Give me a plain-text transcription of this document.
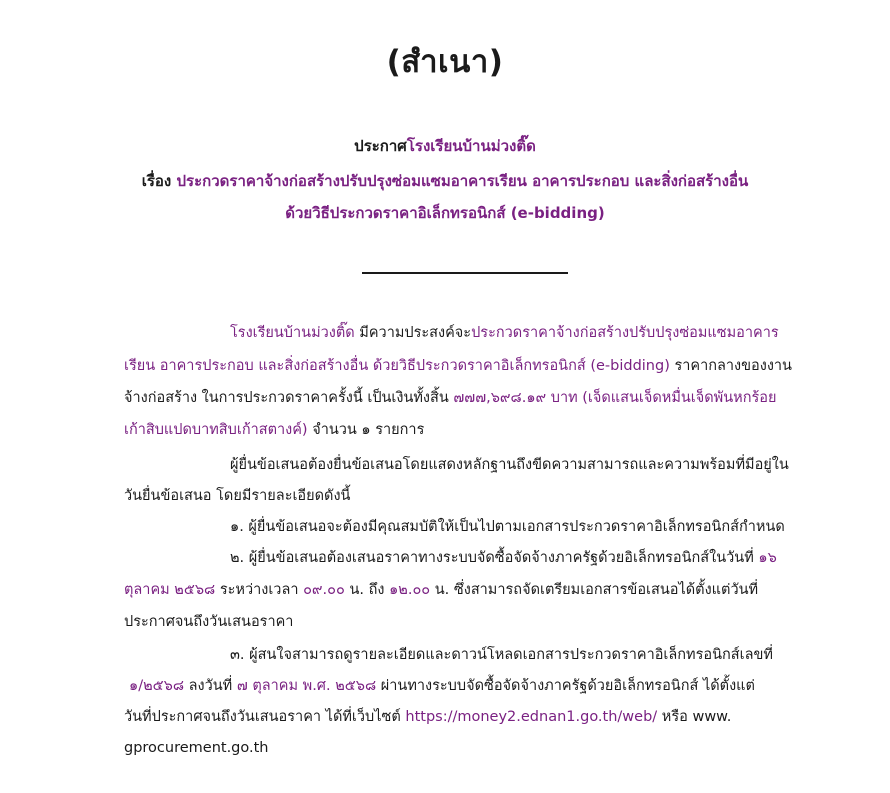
(สำเนา)
ประกาศโรงเรียนบ้านม่วงติ๊ด
เรื่อง ประกวดราคาจ้างก่อสร้างปรับปรุงซ่อมแซมอาคารเรียน อาคารประกอบ และสิ่งก่อสร้างอื่น
ด้วยวิธีประกวดราคาอิเล็กทรอนิกส์ (e-bidding)
โรงเรียนบ้านม่วงติ๊ด มีความประสงค์จะประกวดราคาจ้างก่อสร้างปรับปรุงซ่อมแซมอาคาร
เรียน อาคารประกอบ และสิ่งก่อสร้างอื่น ด้วยวิธีประกวดราคาอิเล็กทรอนิกส์ (e-bidding) ราคากลางของงาน
จ้างก่อสร้าง ในการประกวดราคาครั้งนี้ เป็นเงินทั้งสิ้น ๗๗๗,๖๙๘.๑๙ บาท (เจ็ดแสนเจ็ดหมื่นเจ็ดพันหกร้อย
เก้าสิบแปดบาทสิบเก้าสตางค์) จำนวน ๑ รายการ
ผู้ยื่นข้อเสนอต้องยื่นข้อเสนอโดยแสดงหลักฐานถึงขีดความสามารถและความพร้อมที่มีอยู่ใน
วันยื่นข้อเสนอ โดยมีรายละเอียดดังนี้
๑. ผู้ยื่นข้อเสนอจะต้องมีคุณสมบัติให้เป็นไปตามเอกสารประกวดราคาอิเล็กทรอนิกส์กำหนด
๒. ผู้ยื่นข้อเสนอต้องเสนอราคาทางระบบจัดซื้อจัดจ้างภาครัฐด้วยอิเล็กทรอนิกส์ในวันที่ ๑๖
ตุลาคม ๒๕๖๘ ระหว่างเวลา ๐๙.๐๐ น. ถึง ๑๒.๐๐ น. ซึ่งสามารถจัดเตรียมเอกสารข้อเสนอได้ตั้งแต่วันที่
ประกาศจนถึงวันเสนอราคา
๓. ผู้สนใจสามารถดูรายละเอียดและดาวน์โหลดเอกสารประกวดราคาอิเล็กทรอนิกส์เลขที่
๑/๒๕๖๘ ลงวันที่ ๗ ตุลาคม พ.ศ. ๒๕๖๘ ผ่านทางระบบจัดซื้อจัดจ้างภาครัฐด้วยอิเล็กทรอนิกส์ ได้ตั้งแต่
วันที่ประกาศจนถึงวันเสนอราคา ได้ที่เว็บไซต์ https://money2.ednan1.go.th/web/ หรือ www.
gprocurement.go.th
